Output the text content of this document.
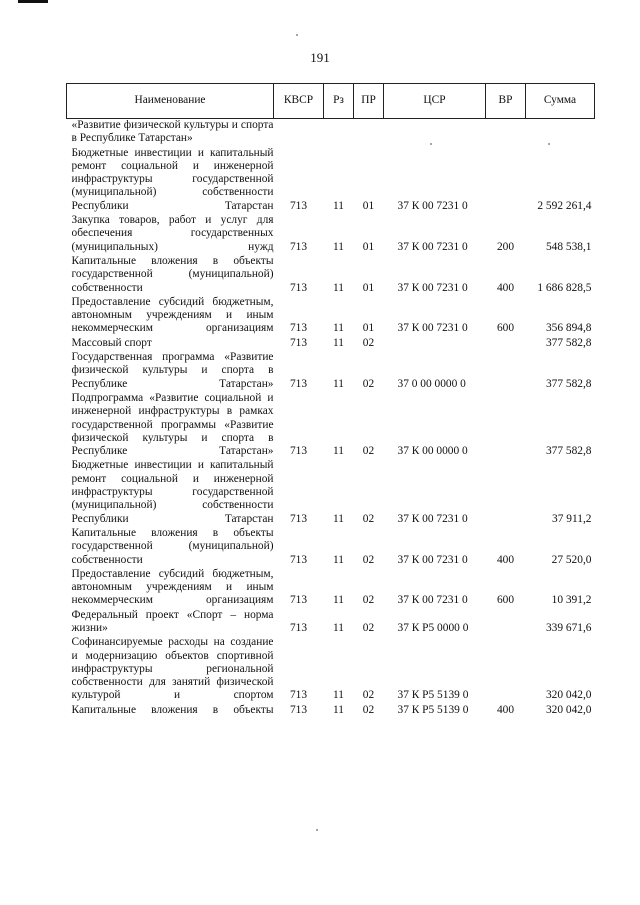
191
Наименование	КВСР	Рз	ПР	ЦСР	ВР	Сумма
«Развитие физической культуры и спорта в Республике Татарстан»						
Бюджетные инвестиции и капитальный ремонт социальной и инженерной инфраструктуры государственной (муниципальной) собственности Республики Татарстан	713	11	01	37 К 00 7231 0		2 592 261,4
Закупка товаров, работ и услуг для обеспечения государственных (муниципальных) нужд	713	11	01	37 К 00 7231 0	200	548 538,1
Капитальные вложения в объекты государственной (муниципальной) собственности	713	11	01	37 К 00 7231 0	400	1 686 828,5
Предоставление субсидий бюджетным, автономным учреждениям и иным некоммерческим организациям	713	11	01	37 К 00 7231 0	600	356 894,8
Массовый спорт	713	11	02			377 582,8
Государственная программа «Развитие физической культуры и спорта в Республике Татарстан»	713	11	02	37 0 00 0000 0		377 582,8
Подпрограмма «Развитие социальной и инженерной инфраструктуры в рамках государственной программы «Развитие физической культуры и спорта в Республике Татарстан»	713	11	02	37 К 00 0000 0		377 582,8
Бюджетные инвестиции и капитальный ремонт социальной и инженерной инфраструктуры государственной (муниципальной) собственности Республики Татарстан	713	11	02	37 К 00 7231 0		37 911,2
Капитальные вложения в объекты государственной (муниципальной) собственности	713	11	02	37 К 00 7231 0	400	27 520,0
Предоставление субсидий бюджетным, автономным учреждениям и иным некоммерческим организациям	713	11	02	37 К 00 7231 0	600	10 391,2
Федеральный проект «Спорт – норма жизни»	713	11	02	37 К Р5 0000 0		339 671,6
Софинансируемые расходы на создание и модернизацию объектов спортивной инфраструктуры региональной собственности для занятий физической культурой и спортом	713	11	02	37 К Р5 5139 0		320 042,0
Капитальные вложения в объекты	713	11	02	37 К Р5 5139 0	400	320 042,0
